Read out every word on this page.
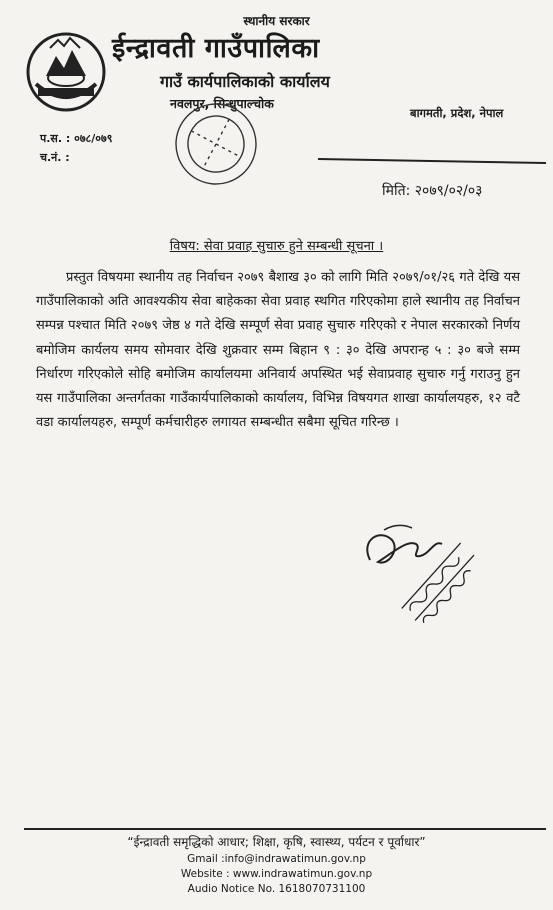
स्थानीय सरकार
ईन्द्रावती गाउँपालिका
गाउँ कार्यपालिकाको कार्यालय
नवलपुर, सिन्धुपाल्चोक
बागमती, प्रदेश, नेपाल
प.स. : ०७८/०७९
च.नं. :
मिति: २०७९/०२/०३
विषय: सेवा प्रवाह सुचारु हुने सम्बन्धी सूचना ।

प्रस्तुत विषयमा स्थानीय तह निर्वाचन २०७९ बैशाख ३० को लागि मिति २०७९/०१/२६ गते देखि यस गाउँपालिकाको अति आवश्यकीय सेवा बाहेकका सेवा प्रवाह स्थगित गरिएकोमा हाले स्थानीय तह निर्वाचन सम्पन्न पश्चात मिति २०७९ जेष्ठ ४ गते देखि सम्पूर्ण सेवा प्रवाह सुचारु गरिएको र नेपाल सरकारको निर्णय बमोजिम कार्यलय समय सोमवार देखि शुक्रवार सम्म बिहान ९ : ३० देखि अपरान्ह ५ : ३० बजे सम्म निर्धारण गरिएकोले सोहि बमोजिम कार्यालयमा अनिवार्य अपस्थित भई सेवाप्रवाह सुचारु गर्नु गराउनु हुन यस गाउँपालिका अन्तर्गतका गाउँकार्यपालिकाको कार्यालय, विभिन्न विषयगत शाखा कार्यालयहरु, १२ वटै वडा कार्यालयहरु, सम्पूर्ण कर्मचारीहरु लगायत सम्बन्धीत सबैमा सूचित गरिन्छ ।

“ईन्द्रावती समृद्धिको आधार; शिक्षा, कृषि, स्वास्थ्य, पर्यटन र पूर्वाधार”
Gmail :info@indrawatimun.gov.np
Website : www.indrawatimun.gov.np
Audio Notice No. 1618070731100
